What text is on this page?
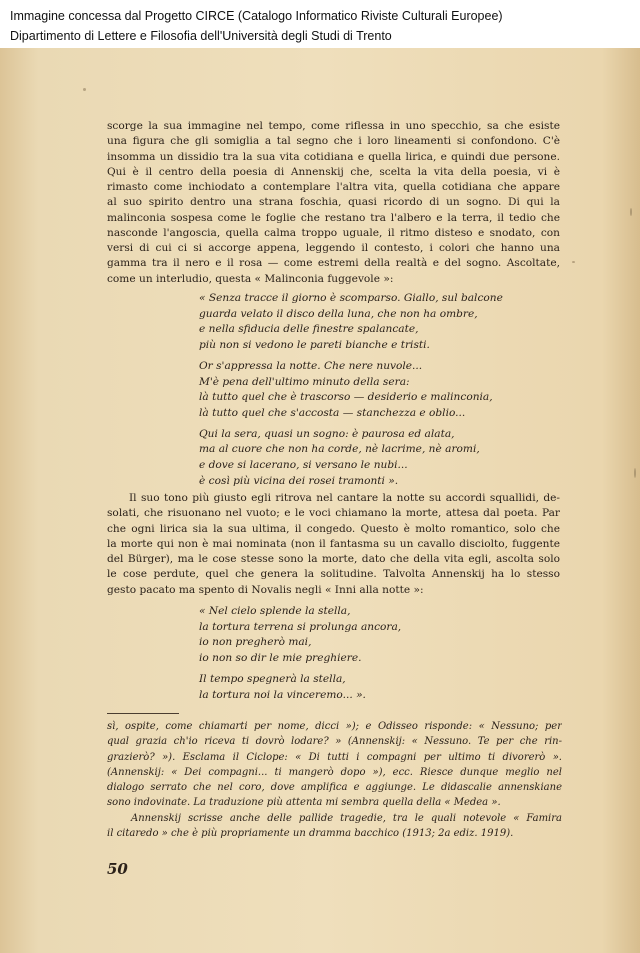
Immagine concessa dal Progetto CIRCE (Catalogo Informatico Riviste Culturali Europee)
Dipartimento di Lettere e Filosofia dell'Università degli Studi di Trento
scorge la sua immagine nel tempo, come riflessa in uno specchio, sa che esiste
una figura che gli somiglia a tal segno che i loro lineamenti si confondono. C'è
insomma un dissidio tra la sua vita cotidiana e quella lirica, e quindi due persone.
Qui è il centro della poesia di Annenskij che, scelta la vita della poesia, vi è
rimasto come inchiodato a contemplare l'altra vita, quella cotidiana che appare
al suo spirito dentro una strana foschia, quasi ricordo di un sogno. Di qui la
malinconia sospesa come le foglie che restano tra l'albero e la terra, il tedio che
nasconde l'angoscia, quella calma troppo uguale, il ritmo disteso e snodato, con
versi di cui ci si accorge appena, leggendo il contesto, i colori che hanno una
gamma tra il nero e il rosa — come estremi della realtà e del sogno. Ascoltate,
come un interludio, questa « Malinconia fuggevole »:
« Senza tracce il giorno è scomparso. Giallo, sul balcone
guarda velato il disco della luna, che non ha ombre,
e nella sfiducia delle finestre spalancate,
più non si vedono le pareti bianche e tristi.
Or s'appressa la notte. Che nere nuvole...
M'è pena dell'ultimo minuto della sera:
là tutto quel che è trascorso — desiderio e malinconia,
là tutto quel che s'accosta — stanchezza e oblio...
Qui la sera, quasi un sogno: è paurosa ed alata,
ma al cuore che non ha corde, nè lacrime, nè aromi,
e dove si lacerano, si versano le nubi...
è così più vicina dei rosei tramonti ».
Il suo tono più giusto egli ritrova nel cantare la notte su accordi squallidi, de-
solati, che risuonano nel vuoto; e le voci chiamano la morte, attesa dal poeta. Par
che ogni lirica sia la sua ultima, il congedo. Questo è molto romantico, solo che
la morte qui non è mai nominata (non il fantasma su un cavallo disciolto, fuggente
del Bürger), ma le cose stesse sono la morte, dato che della vita egli, ascolta solo
le cose perdute, quel che genera la solitudine. Talvolta Annenskij ha lo stesso
gesto pacato ma spento di Novalis negli « Inni alla notte »:
« Nel cielo splende la stella,
la tortura terrena si prolunga ancora,
io non pregherò mai,
io non so dir le mie preghiere.
Il tempo spegnerà la stella,
la tortura noi la vinceremo... ».
sì, ospite, come chiamarti per nome, dicci »); e Odisseo risponde: « Nessuno; per
qual grazia ch'io riceva ti dovrò lodare? » (Annenskij: « Nessuno. Te per che rin-
grazierò? »). Esclama il Ciclope: « Di tutti i compagni per ultimo ti divorerò ».
(Annenskij: « Dei compagni... ti mangerò dopo »), ecc. Riesce dunque meglio nel
dialogo serrato che nel coro, dove amplifica e aggiunge. Le didascalie annenskiane
sono indovinate. La traduzione più attenta mi sembra quella della « Medea ».
Annenskij scrisse anche delle pallide tragedie, tra le quali notevole « Famira
il citaredo » che è più propriamente un dramma bacchico (1913; 2a ediz. 1919).
50
